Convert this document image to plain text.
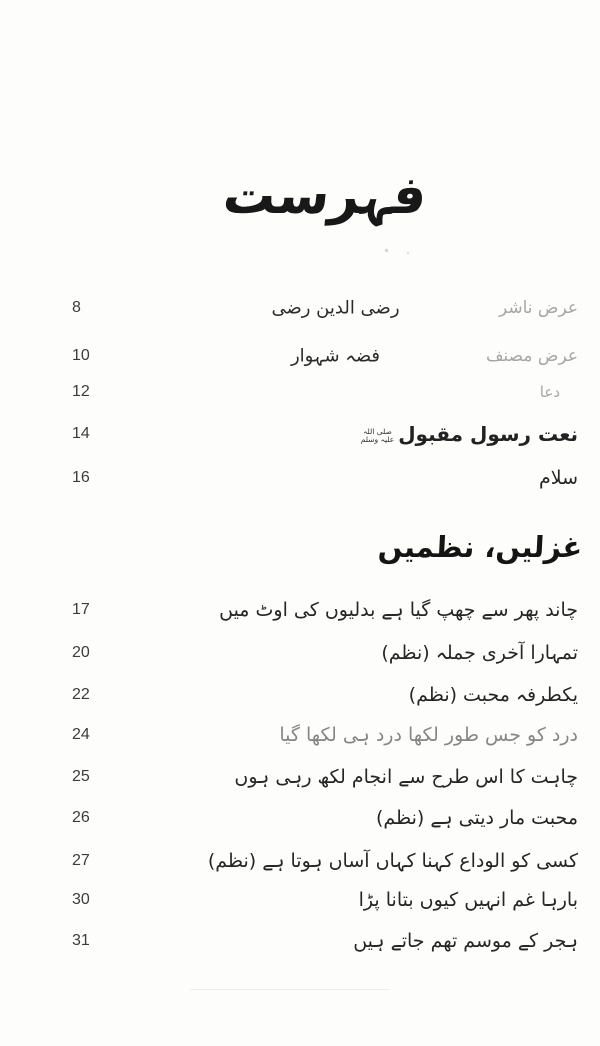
فہرست
عرض ناشر
رضی الدین رضی
8
عرض مصنف
فضہ شہوار
10
دعا
12
نعت رسول مقبول
صلی اللہ
علیہ وسلم
14
سلام
16
غزلیں، نظمیں
چاند پھر سے چھپ گیا ہے بدلیوں کی اوٹ میں
17
تمہارا آخری جملہ (نظم)
20
یکطرفہ محبت (نظم)
22
درد کو جس طور لکھا درد ہی لکھا گیا
24
چاہت کا اس طرح سے انجام لکھ رہی ہوں
25
محبت مار دیتی ہے (نظم)
26
کسی کو الوداع کہنا کہاں آساں ہوتا ہے (نظم)
27
بارہا غم انہیں کیوں بتانا پڑا
30
ہجر کے موسم تھم جاتے ہیں
31
